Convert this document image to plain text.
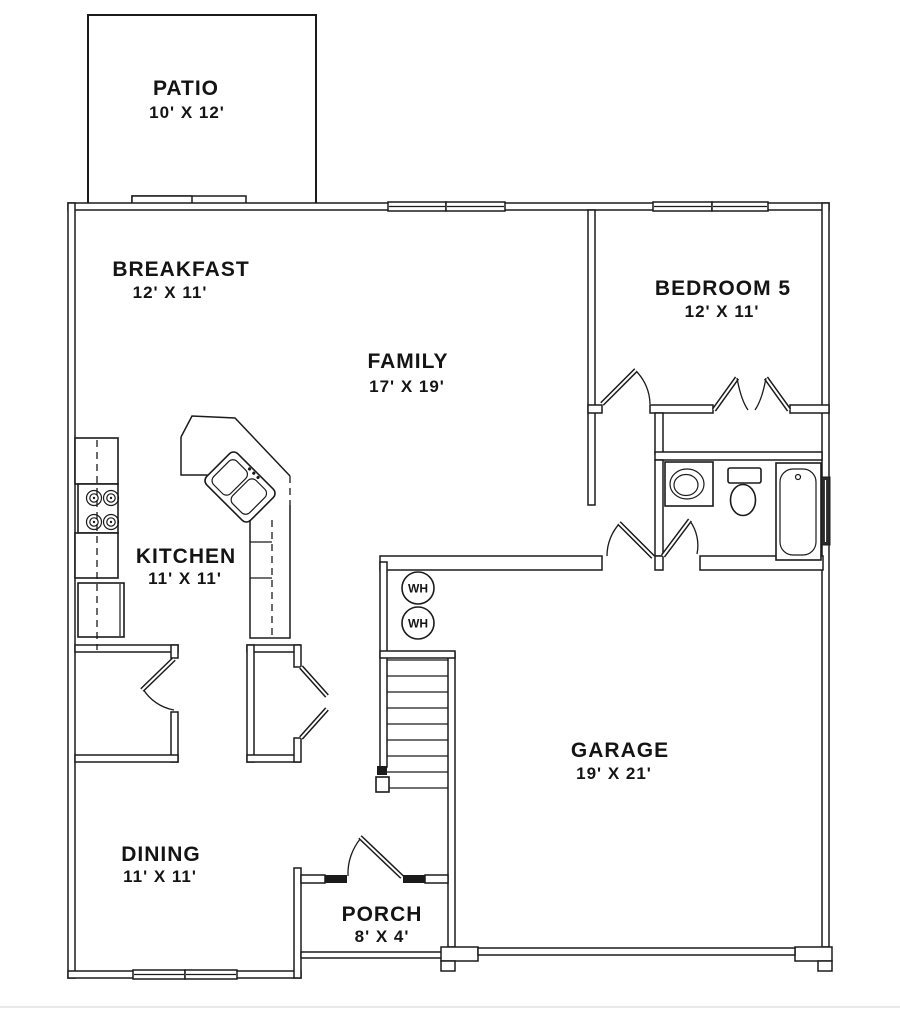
WH
WH
PATIO
10' X 12'
BREAKFAST
12' X 11'
FAMILY
17' X 19'
BEDROOM 5
12' X 11'
KITCHEN
11' X 11'
DINING
11' X 11'
GARAGE
19' X 21'
PORCH
8' X 4'
